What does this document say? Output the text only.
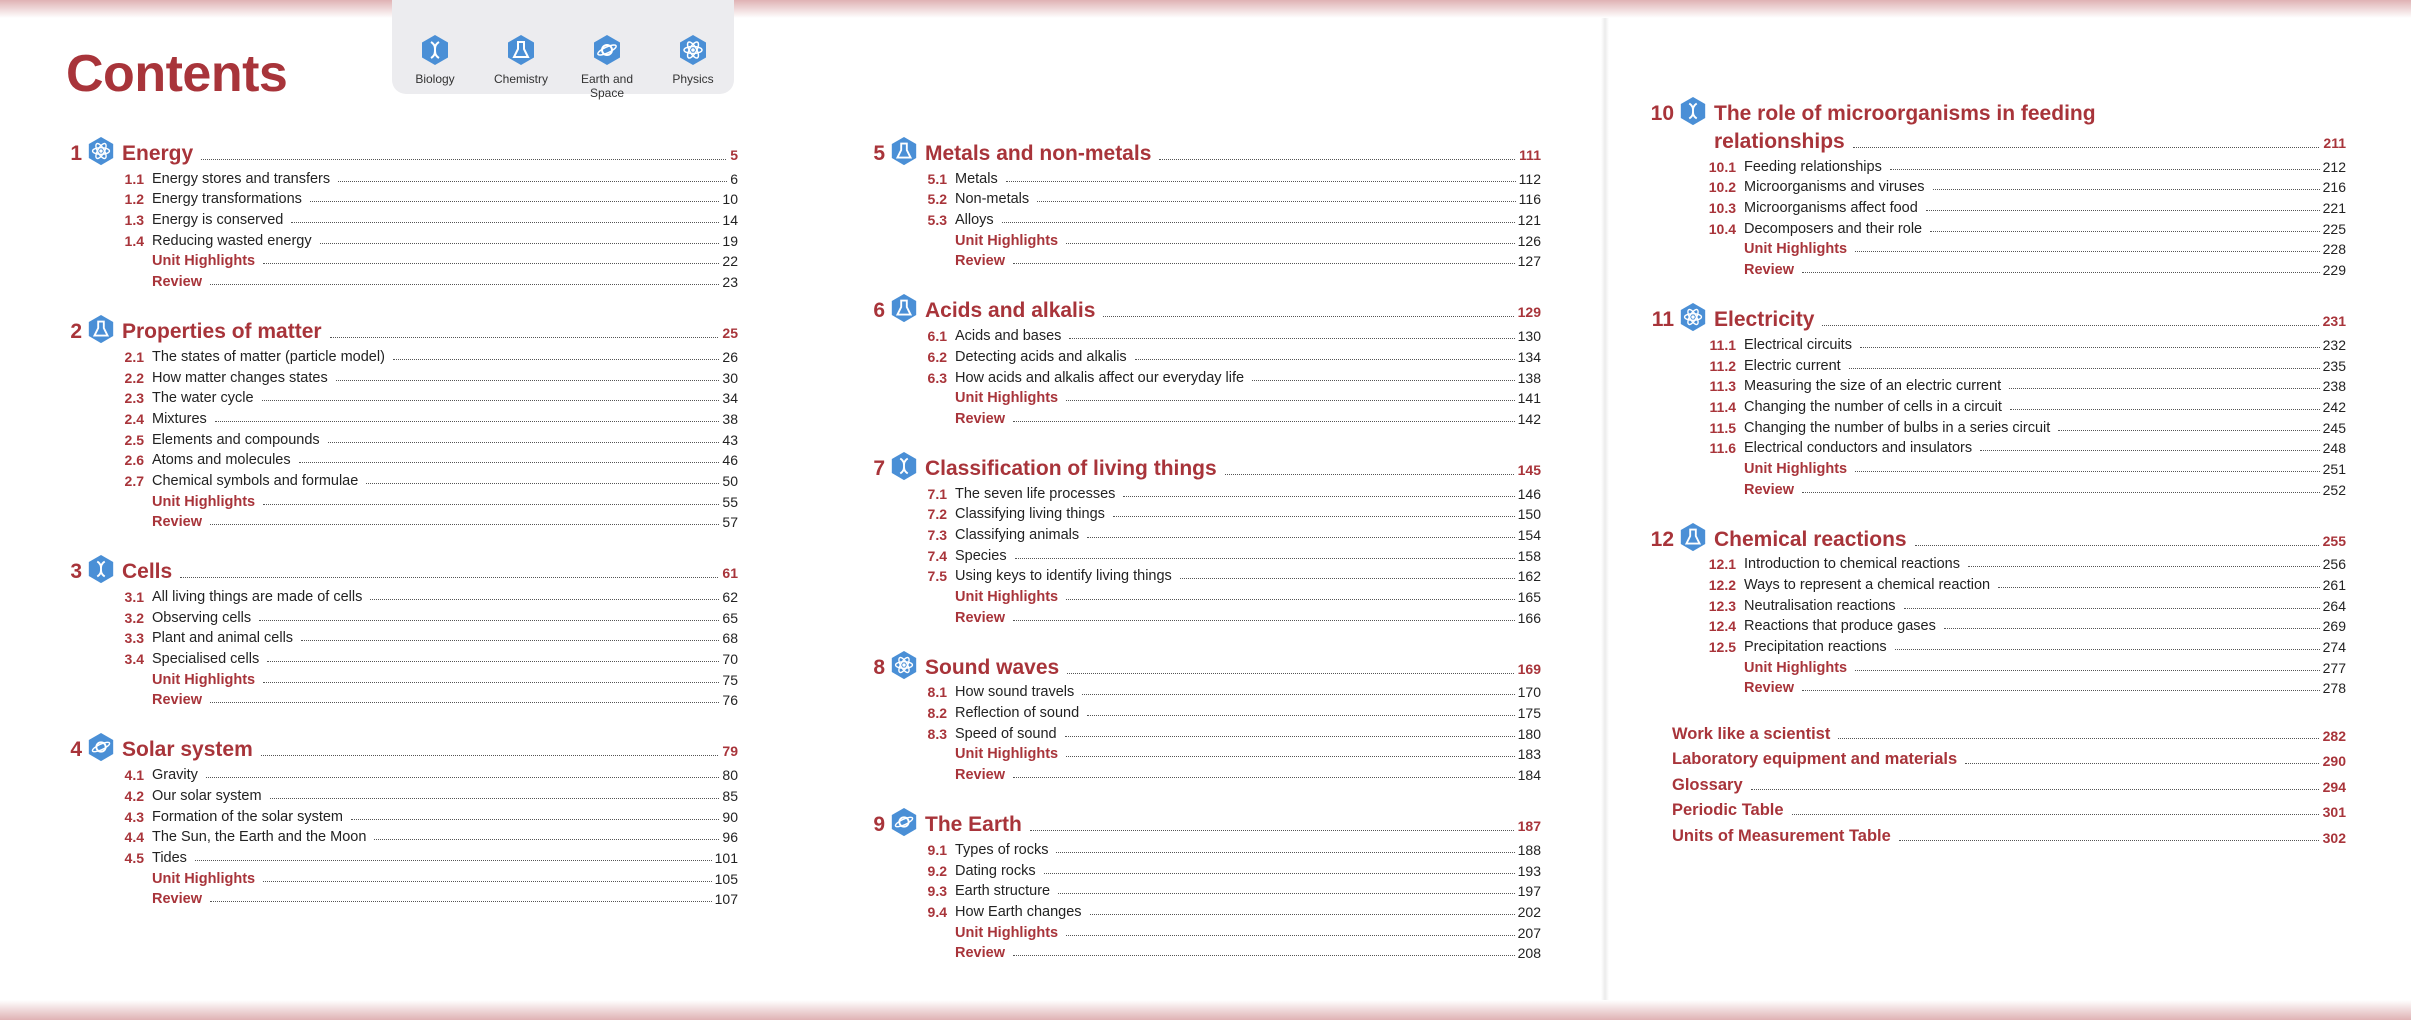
Contents	Biology	Chemistry	Earth and Space
Physics
1 Energy	5
1.1 Energy stores and transfers	6
1.2 Energy transformations	10
1.3 Energy is conserved	14
1.4 Reducing wasted energy	19
Unit Highlights	22
Review	23
2 Properties of matter	25
2.1 The states of matter (particle model)	26
2.2 How matter changes states	30
2.3 The water cycle	34
2.4 Mixtures	38
2.5 Elements and compounds	43
2.6 Atoms and molecules	46
2.7 Chemical symbols and formulae	50
Unit Highlights	55
Review	57
3 Cells	61
3.1 All living things are made of cells	62
3.2 Observing cells	65
3.3 Plant and animal cells	68
3.4 Specialised cells	70
Unit Highlights	75
Review	76
4 Solar system	79
4.1 Gravity	80
4.2 Our solar system	85
4.3 Formation of the solar system	90
4.4 The Sun, the Earth and the Moon	96
4.5 Tides	101
Unit Highlights	105
Review	107
5 Metals and non-metals	111
5.1 Metals	112
5.2 Non-metals	116
5.3 Alloys	121
Unit Highlights	126
Review	127
6 Acids and alkalis	129
6.1 Acids and bases	130
6.2 Detecting acids and alkalis	134
6.3 How acids and alkalis affect our everyday life	138
Unit Highlights	141
Review	142
7 Classification of living things	145
7.1 The seven life processes	146
7.2 Classifying living things	150
7.3 Classifying animals	154
7.4 Species	158
7.5 Using keys to identify living things	162
Unit Highlights	165
Review	166
8 Sound waves	169
8.1 How sound travels	170
8.2 Reflection of sound	175
8.3 Speed of sound	180
Unit Highlights	183
Review	184
9 The Earth	187
9.1 Types of rocks	188
9.2 Dating rocks	193
9.3 Earth structure	197
9.4 How Earth changes	202
Unit Highlights	207
Review	208
10 The role of microorganisms in feeding
relationships	211
10.1 Feeding relationships	212
10.2 Microorganisms and viruses	216
10.3 Microorganisms affect food	221
10.4 Decomposers and their role	225
Unit Highlights	228
Review	229
11 Electricity	231
11.1 Electrical circuits	232
11.2 Electric current	235
11.3 Measuring the size of an electric current	238
11.4 Changing the number of cells in a circuit	242
11.5 Changing the number of bulbs in a series circuit	245
11.6 Electrical conductors and insulators	248
Unit Highlights	251
Review	252
12 Chemical reactions	255
12.1 Introduction to chemical reactions	256
12.2 Ways to represent a chemical reaction	261
12.3 Neutralisation reactions	264
12.4 Reactions that produce gases	269
12.5 Precipitation reactions	274
Unit Highlights	277
Review	278
Work like a scientist	282
Laboratory equipment and materials	290
Glossary	294
Periodic Table	301
Units of Measurement Table	302
